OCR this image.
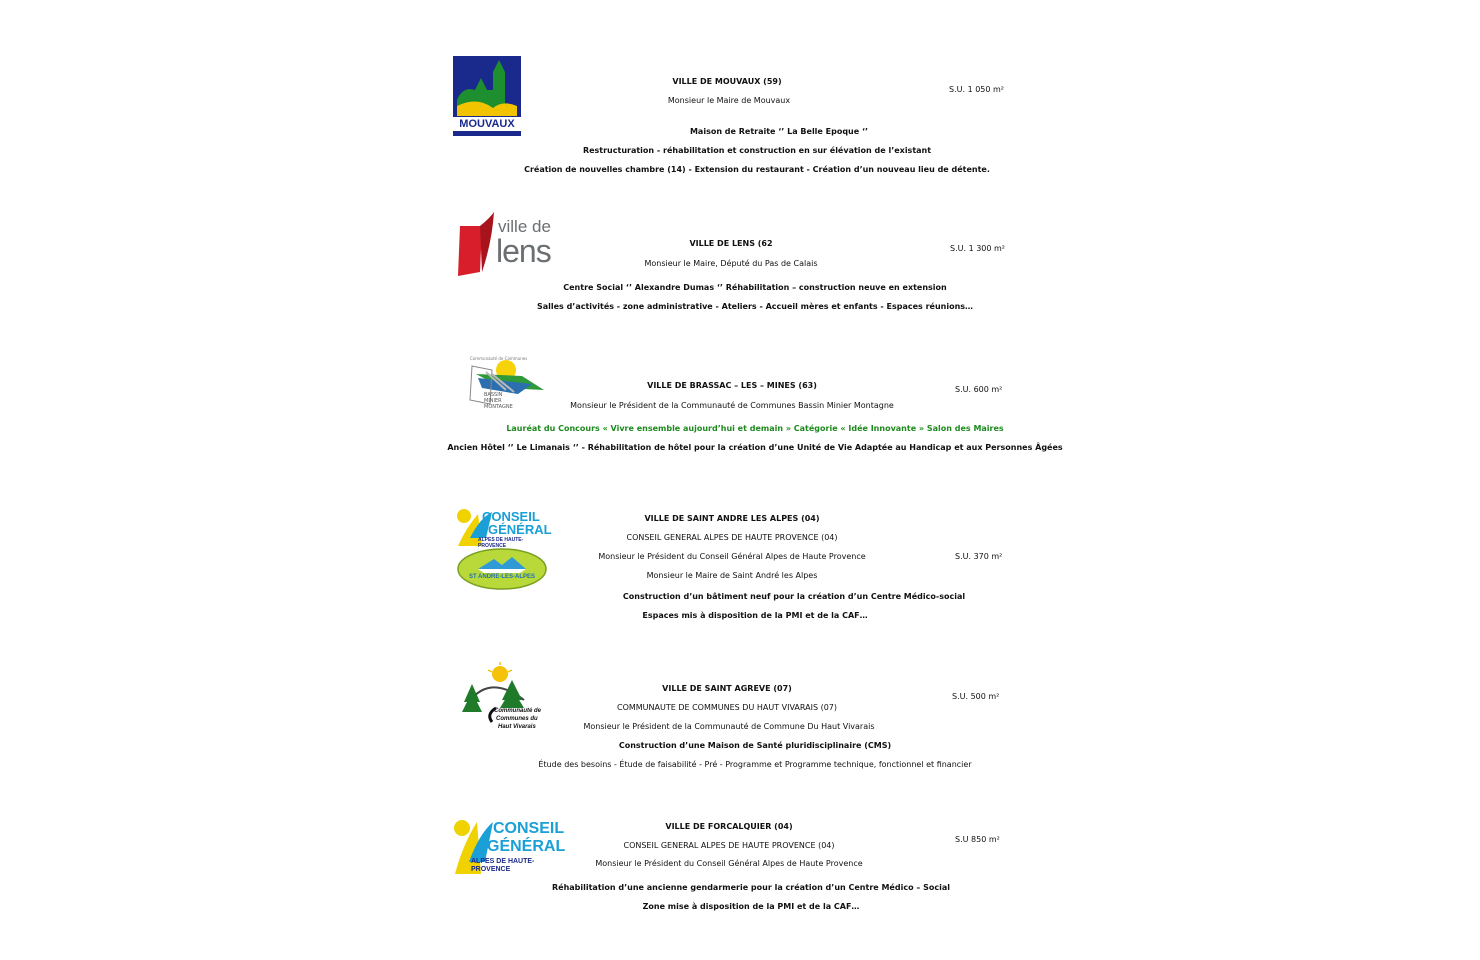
MOUVAUX
VILLE DE MOUVAUX (59)
S.U. 1 050 m²
Monsieur le Maire de Mouvaux
Maison de Retraite ‘’ La Belle Epoque ‘’
Restructuration - réhabilitation et construction en sur élévation de l’existant
Création de nouvelles chambre (14) - Extension du restaurant - Création d’un nouveau lieu de détente.
ville de
lens	VILLE DE LENS (62
S.U. 1 300 m²
Monsieur le Maire, Député du Pas de Calais
Centre Social ‘’ Alexandre Dumas ‘’ Réhabilitation – construction neuve en extension
Salles d’activités - zone administrative - Ateliers - Accueil mères et enfants - Espaces réunions…
Communauté de Communes
BASSIN MINIER MONTAGNE
VILLE DE BRASSAC – LES – MINES (63)	S.U. 600 m²
Monsieur le Président de la Communauté de Communes Bassin Minier Montagne
Lauréat du Concours « Vivre ensemble aujourd’hui et demain » Catégorie « Idée Innovante » Salon des Maires
Ancien Hôtel ‘’ Le Limanais ‘’ - Réhabilitation de hôtel pour la création d’une Unité de Vie Adaptée au Handicap et aux Personnes Âgées
CONSEIL
GÉNÉRAL
ALPES DE HAUTE-PROVENCE
ST ANDRE-LES-ALPES
VILLE DE SAINT ANDRE LES ALPES (04)
CONSEIL GENERAL ALPES DE HAUTE PROVENCE (04)
S.U. 370 m²
Monsieur le Président du Conseil Général Alpes de Haute Provence
Monsieur le Maire de Saint André les Alpes
Construction d’un bâtiment neuf pour la création d’un Centre Médico-social
Espaces mis à disposition de la PMI et de la CAF…
Communauté de
Communes du
Haut Vivarais
VILLE DE SAINT AGREVE (07)
S.U. 500 m²
COMMUNAUTE DE COMMUNES DU HAUT VIVARAIS (07)
Monsieur le Président de la Communauté de Commune Du Haut Vivarais
Construction d’une Maison de Santé pluridisciplinaire (CMS)
Étude des besoins - Étude de faisabilité - Pré - Programme et Programme technique, fonctionnel et financier
CONSEIL
GÉNÉRAL
ALPES DE HAUTE-PROVENCE
VILLE DE FORCALQUIER (04)
S.U 850 m²
CONSEIL GENERAL ALPES DE HAUTE PROVENCE (04)
Monsieur le Président du Conseil Général Alpes de Haute Provence
Réhabilitation d’une ancienne gendarmerie pour la création d’un Centre Médico – Social
Zone mise à disposition de la PMI et de la CAF…
